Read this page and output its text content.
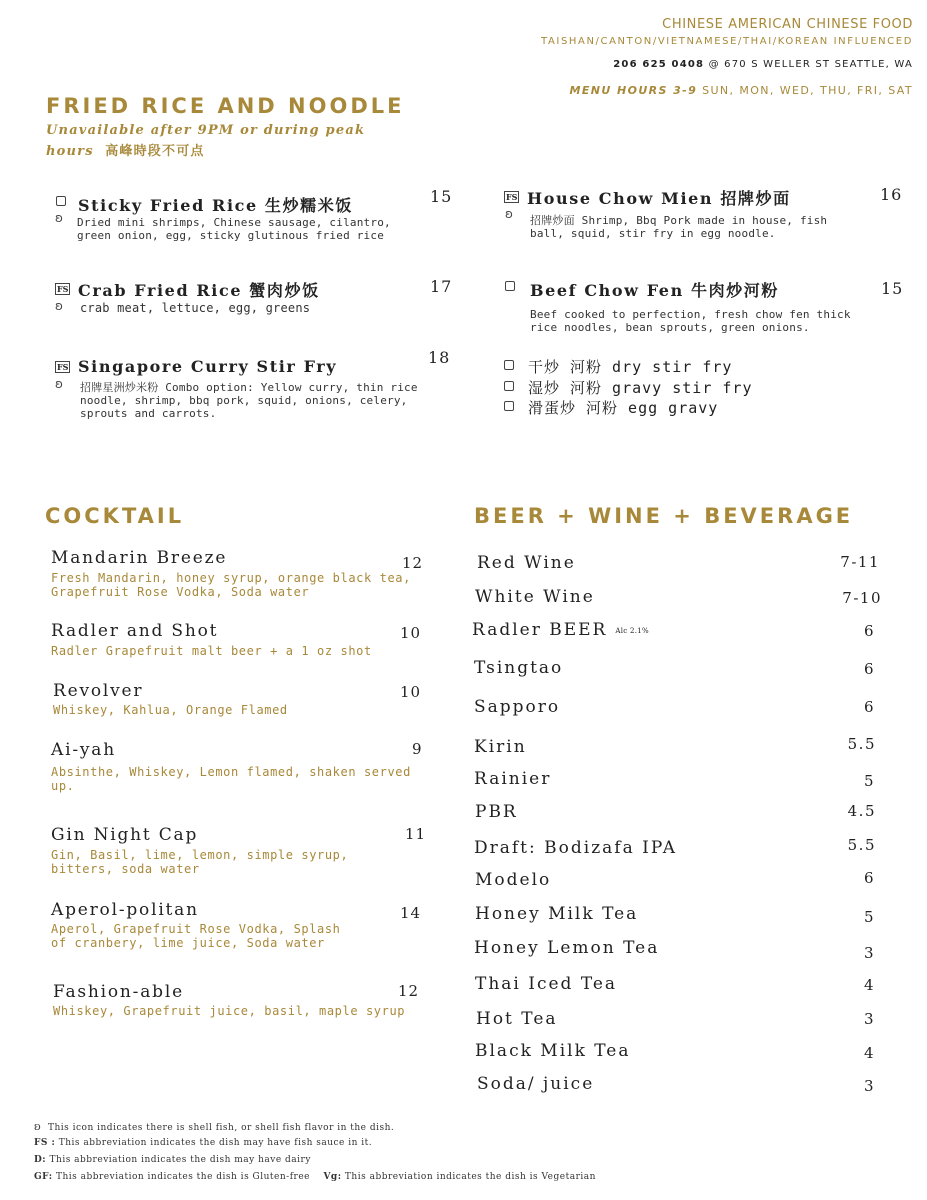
CHINESE AMERICAN CHINESE FOOD
TAISHAN/CANTON/VIETNAMESE/THAI/KOREAN INFLUENCED
206 625 0408 @ 670 S WELLER ST SEATTLE, WA
MENU HOURS 3-9 SUN, MON, WED, THU, FRI, SAT
FRIED RICE AND NOODLE
Unavailable after 9PM or during peak
hours 高峰時段不可点
ʚ
Sticky Fried Rice 生炒糯米饭	15
Dried mini shrimps, Chinese sausage, cilantro, green onion, egg, sticky glutinous fried rice
FS
ʚ
Crab Fried Rice 蟹肉炒饭	17
crab meat, lettuce, egg, greens
FS
ʚ
Singapore Curry Stir Fry	18
招牌星洲炒米粉 Combo option: Yellow curry, thin rice noodle, shrimp, bbq pork, squid, onions, celery, sprouts and carrots.
FS
ʚ
House Chow Mien 招牌炒面	16
招牌炒面 Shrimp, Bbq Pork made in house, fish ball, squid, stir fry in egg noodle.
Beef Chow Fen 牛肉炒河粉	15
Beef cooked to perfection, fresh chow fen thick rice noodles, bean sprouts, green onions.
干炒 河粉 dry stir fry
湿炒 河粉 gravy stir fry
滑蛋炒 河粉 egg gravy
COCKTAIL
Mandarin Breeze	12
Fresh Mandarin, honey syrup, orange black tea, Grapefruit Rose Vodka, Soda water
Radler and Shot	10
Radler Grapefruit malt beer + a 1 oz shot
Revolver	10
Whiskey, Kahlua, Orange Flamed
Ai-yah	9
Absinthe, Whiskey, Lemon flamed, shaken served up.
Gin Night Cap	11
Gin, Basil, lime, lemon, simple syrup, bitters, soda water
Aperol-politan	14
Aperol, Grapefruit Rose Vodka, Splash of cranbery, lime juice, Soda water
Fashion-able	12
Whiskey, Grapefruit juice, basil, maple syrup
BEER + WINE + BEVERAGE
Red Wine	7-11
White Wine	7-10
Radler BEER Alc 2.1%	6
Tsingtao	6
Sapporo	6
Kirin	5.5
Rainier	5
PBR	4.5
Draft: Bodizafa IPA	5.5
Modelo	6
Honey Milk Tea	5
Honey Lemon Tea	3
Thai Iced Tea	4
Hot Tea	3
Black Milk Tea	4
Soda/ juice	3
ʚ This icon indicates there is shell fish, or shell fish flavor in the dish.
FS : This abbreviation indicates the dish may have fish sauce in it.
D: This abbreviation indicates the dish may have dairy
GF: This abbreviation indicates the dish is Gluten-free Vg: This abbreviation indicates the dish is Vegetarian
